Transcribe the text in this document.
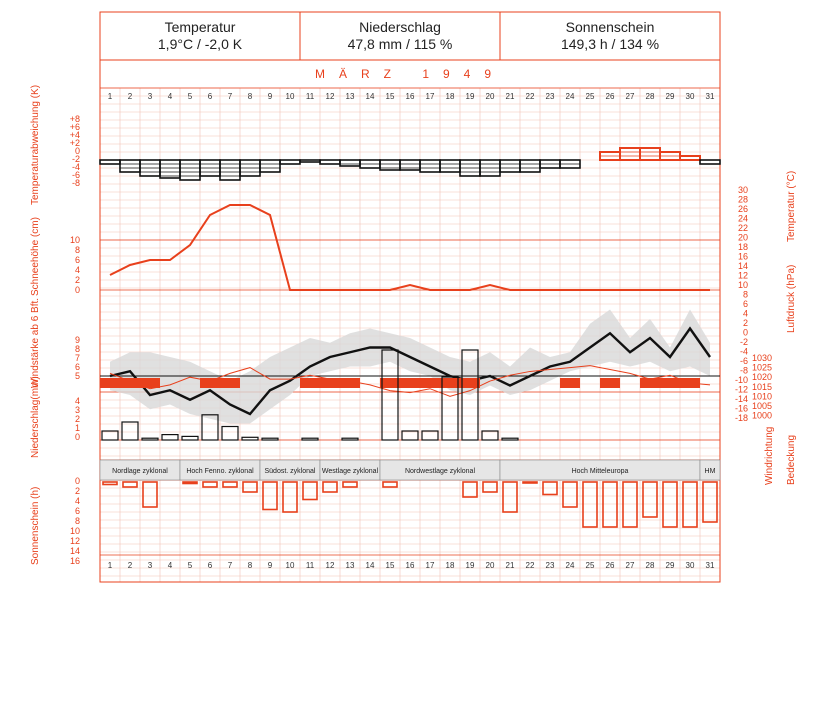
1
1
2
2
3
3
4
4
5
5
6
6
7
7
8
8
9
9
10
10
11
11
12
12
13
13
14
14
15
15
16
16
17
17
18
18
19
19
20
20
21
21
22
22
23
23
24
24
25
25
26
26
27
27
28
28
29
29
30
30
31
31
+8
+6
+4
+2
0
-2
-4
-6
-8
10
8
6
4
2
0
9
8
7
6
5
4
3
2
1
0
0
2
4
6
8
10
12
14
16
30
28
26
24
22
20
18
16
14
12
10
8
6
4
2
0
-2
-4
-6
-8
-10
-12
-14
-16
-18
1030
1025
1020
1015
1010
1005
1000
Nordlage zyklonal	Hoch Fenno. zyklonal Südost. zyklonal Westlage zyklonal	Nordwestlage zyklonal	Hoch Mitteleuropa	HM
Temperatur
1,9°C / -2,0 K
Niederschlag
47,8 mm / 115 %
Sonnenschein
149,3 h / 134 %
MÄRZ 1949
Temperaturabweichung (K)
Schneehöhe (cm)
Windstärke ab 6 Bft.
Niederschlag(mm)
Sonnenschein (h)
Temperatur (°C)
Luftdruck (hPa)
Windrichtung Bedeckung
